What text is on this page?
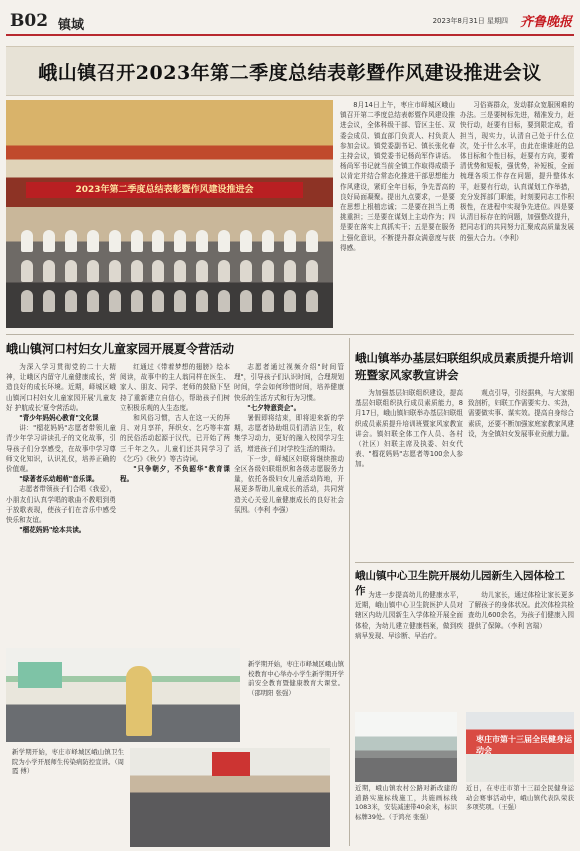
B02 镇域	2023年8月31日 星期四 齐鲁晚报
峨山镇召开2023年第二季度总结表彰暨作风建设推进会议
2023年第二季度总结表彰暨作风建设推进会

8月14日上午，枣庄市峄城区峨山镇召开第二季度总结表彰暨作风建设推进会议，全体科级干部、管区主任、双委会成员、镇直部门负责人、村负责人参加会议。镇党委副书记、镇长张化春主持会议，镇党委书记杨尚军作讲话。杨尚军书记就当前全镇工作取得成绩予以肯定并结合常态化推进干部思想能力作风建设，紧盯全年目标，争先晋高的良好局面凝聚。提出九点要求，一是要在思想上根植忠诚；二是要在担当上勇挑重担；三是要在谋划上主动作为；四是要在落实上真抓实干；五是要在服务上强化意识，不断提升群众满意度与获得感。

习俗赛群众，发动群众宽服困难的办法。三是要树标先进，精准发力，赶快行动，赶要有目标，要到限定成，看担当，现实力，认清自己处于什么位次，处于什么水平，由此在谁谁赶的总体目标和个性目标，赶要有方向，要着清优势和短板，强优势，补短板，全面梳理各项工作存在问题，提升整体水平，赶要有行动，认真谋划工作举措，充分发挥部门职能，时刻要同志工作积极性，在进程中实现争先进位。四是要认清目标存在的问题，加强整改提升，把同志们的共同努力汇聚成高质量发展的强大合力。（李利）

峨山镇河口村妇女儿童家园开展夏令营活动

为深入学习贯彻党的二十大精神，让峨区内留守儿童健康成长，营造良好的成长环境。近期，峄城区峨山镇河口村妇女儿童家园开展'儿童友好 护航成长'夏令营活动。

"青少年妈妈心教育"文化课

讲："榴花妈妈"志愿者带领儿童青少年学习讲读孔子的文化故事，引导孩子们分享感受，在故事中学习尊师文化知识，认识礼仪，培养正确的价值观。

"绿著者乐动超萌"音乐课。

志愿者带领孩子们合唱《我爱》，小朋友们认真学唱的歌曲不教唱到勇于放歌表现，使孩子们在音乐中感受快乐和友谊。

"榴花妈妈"绘本共读。

红通过《带着梦想的翅膀》绘本阅读，故事中的主人翁同样在医生、家人、朋友、同学、老师的鼓励下坚持了重新建立自信心，帮助孩子们树立积极乐观的人生态度。

和风俗习惯，古人在这一天的拜月、对月享祥，拜织女、乞巧等丰富的民俗活动起源于汉代，已开始了两三千年之久。儿童们还共同学习了《乞巧》《秋夕》等古诗词。

"只争朝夕，不负韶华"教育课程。

志愿者通过视频介绍"时间管理"，引导孩子们认识时间，合理规划时间，学会如何珍惜时间，培养健康快乐的生活方式和行为习惯。

"七夕特意资企"。

暑假即将结束，即将迎来新的学期，志愿者协助组员们清洁卫生，收集学习动力，更好的融入校园学习生活，增进孩子们对学校生活的期待。

下一步，峄城区妇联将继续推动全区各级妇联组织和各级志愿服务力量，依托各级妇女儿童活动阵地，开展更多帮助儿童成长的活动，共同营造关心关爱儿童健康成长的良好社会氛围。（李利 李强）

峨山镇举办基层妇联组织成员素质提升培训班暨家风家教宣讲会

为加强基层妇联组织建设，提高基层妇联组织执行成员素质能力，8月17日，峨山镇妇联举办基层妇联组织成员素质提升培训班暨家风家教宣讲会。镇妇联全体工作人员、各村（社区）妇联主席及执委、妇女代表、"榴花妈妈"志愿者等100余人参加。

观点引导，引经据典，与大家细致剖析，妇联工作需要实力、实劲，需要做实事、谋实效。提高自身综合素质，还要不断加强家庭家教家风建设，为全镇妇女发展事业贡献力量。

峨山镇中心卫生院开展幼儿园新生入园体检工作 为进一步提高幼儿的健康水平，近期，峨山镇中心卫生院医护人员对辖区内幼儿园新生入学体检开展全面体检，为幼儿建立健康档案，做到疾病早发现、早诊断、早治疗。

幼儿家长，通过体检让家长更多了解孩子的身体状况。此次体检共检查幼儿600余名，为孩子们健康入园提供了保障。（李利 宫瑞）

新学期开始，枣庄市峄城区峨山镇校教育中心举办小学生新学期开学前安全教育暨健康教育大课堂。（邵明阳 张强）
新学期开始，枣庄市峄城区峨山镇卫生院为小学开展师生传染病防控宣讲。（周霞 傅）
近期，峨山镇农村公路对新改建的道路实施标线施工，共施画标线1083米，安装减速带40余米，标识标牌39处。（于鸿亮 张强）
枣庄市第十三届全民健身运动会
近日，在枣庄市第十三届全民健身运动会赛事活动中，峨山镇代表队荣获多项奖项。（王强）
